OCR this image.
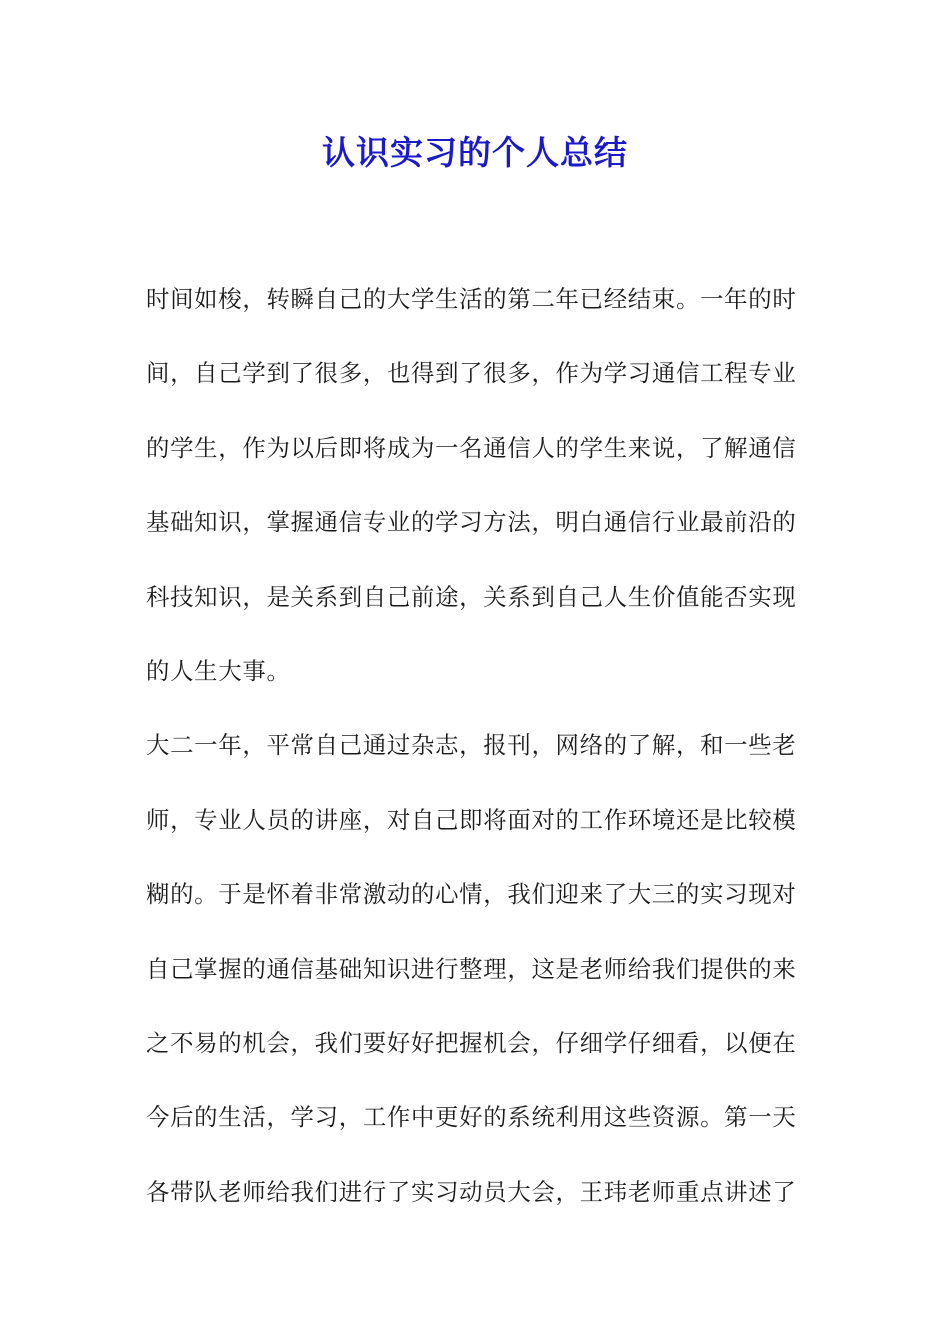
认识实习的个人总结
时间如梭，转瞬自己的大学生活的第二年已经结束。一年的时
间，自己学到了很多，也得到了很多，作为学习通信工程专业
的学生，作为以后即将成为一名通信人的学生来说，了解通信
基础知识，掌握通信专业的学习方法，明白通信行业最前沿的
科技知识，是关系到自己前途，关系到自己人生价值能否实现
的人生大事。
大二一年，平常自己通过杂志，报刊，网络的了解，和一些老
师，专业人员的讲座，对自己即将面对的工作环境还是比较模
糊的。于是怀着非常激动的心情，我们迎来了大三的实习现对
自己掌握的通信基础知识进行整理，这是老师给我们提供的来
之不易的机会，我们要好好把握机会，仔细学仔细看，以便在
今后的生活，学习，工作中更好的系统利用这些资源。第一天
各带队老师给我们进行了实习动员大会，王玮老师重点讲述了
